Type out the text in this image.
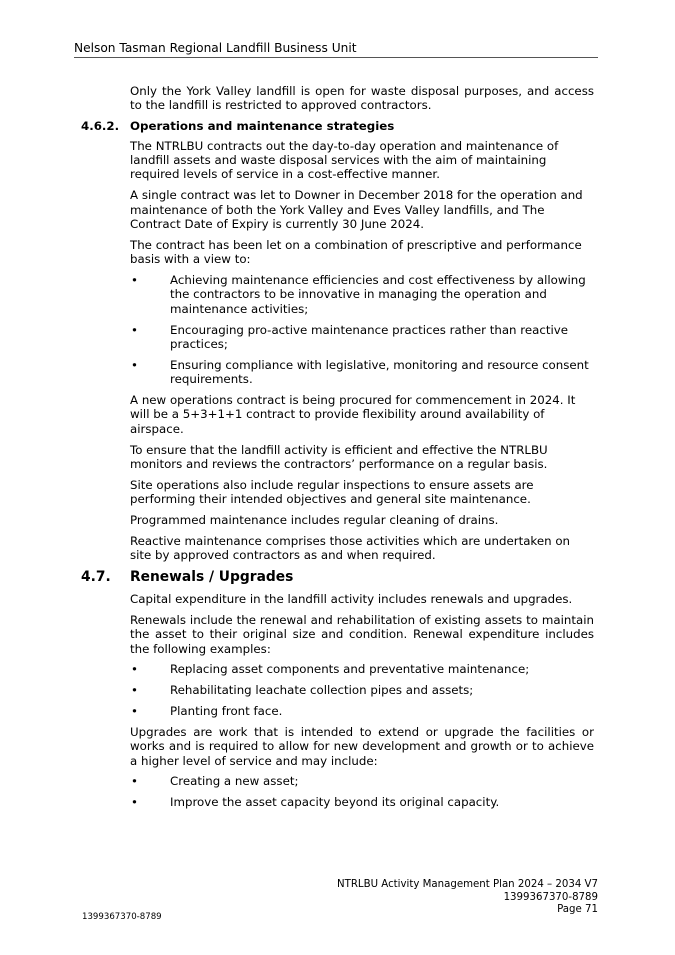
Nelson Tasman Regional Landfill Business Unit

Only the York Valley landfill is open for waste disposal purposes, and access to the landfill is restricted to approved contractors.

4.6.2. Operations and maintenance strategies

The NTRLBU contracts out the day-to-day operation and maintenance of landfill assets and waste disposal services with the aim of maintaining required levels of service in a cost-effective manner.

A single contract was let to Downer in December 2018 for the operation and maintenance of both the York Valley and Eves Valley landfills, and The Contract Date of Expiry is currently 30 June 2024.

The contract has been let on a combination of prescriptive and performance basis with a view to:

•	Achieving maintenance efficiencies and cost effectiveness by allowing the contractors to be innovative in managing the operation and maintenance activities;
•	Encouraging pro-active maintenance practices rather than reactive practices;
•	Ensuring compliance with legislative, monitoring and resource consent requirements.

A new operations contract is being procured for commencement in 2024. It will be a 5+3+1+1 contract to provide flexibility around availability of airspace.

To ensure that the landfill activity is efficient and effective the NTRLBU monitors and reviews the contractors’ performance on a regular basis.

Site operations also include regular inspections to ensure assets are performing their intended objectives and general site maintenance.

Programmed maintenance includes regular cleaning of drains.

Reactive maintenance comprises those activities which are undertaken on site by approved contractors as and when required.

4.7. Renewals / Upgrades

Capital expenditure in the landfill activity includes renewals and upgrades.

Renewals include the renewal and rehabilitation of existing assets to maintain the asset to their original size and condition. Renewal expenditure includes the following examples:

•	Replacing asset components and preventative maintenance;
•	Rehabilitating leachate collection pipes and assets;
•	Planting front face.

Upgrades are work that is intended to extend or upgrade the facilities or works and is required to allow for new development and growth or to achieve a higher level of service and may include:

•	Creating a new asset;
•	Improve the asset capacity beyond its original capacity.
NTRLBU Activity Management Plan 2024 – 2034 V7
1399367370-8789
Page 71
1399367370-8789
